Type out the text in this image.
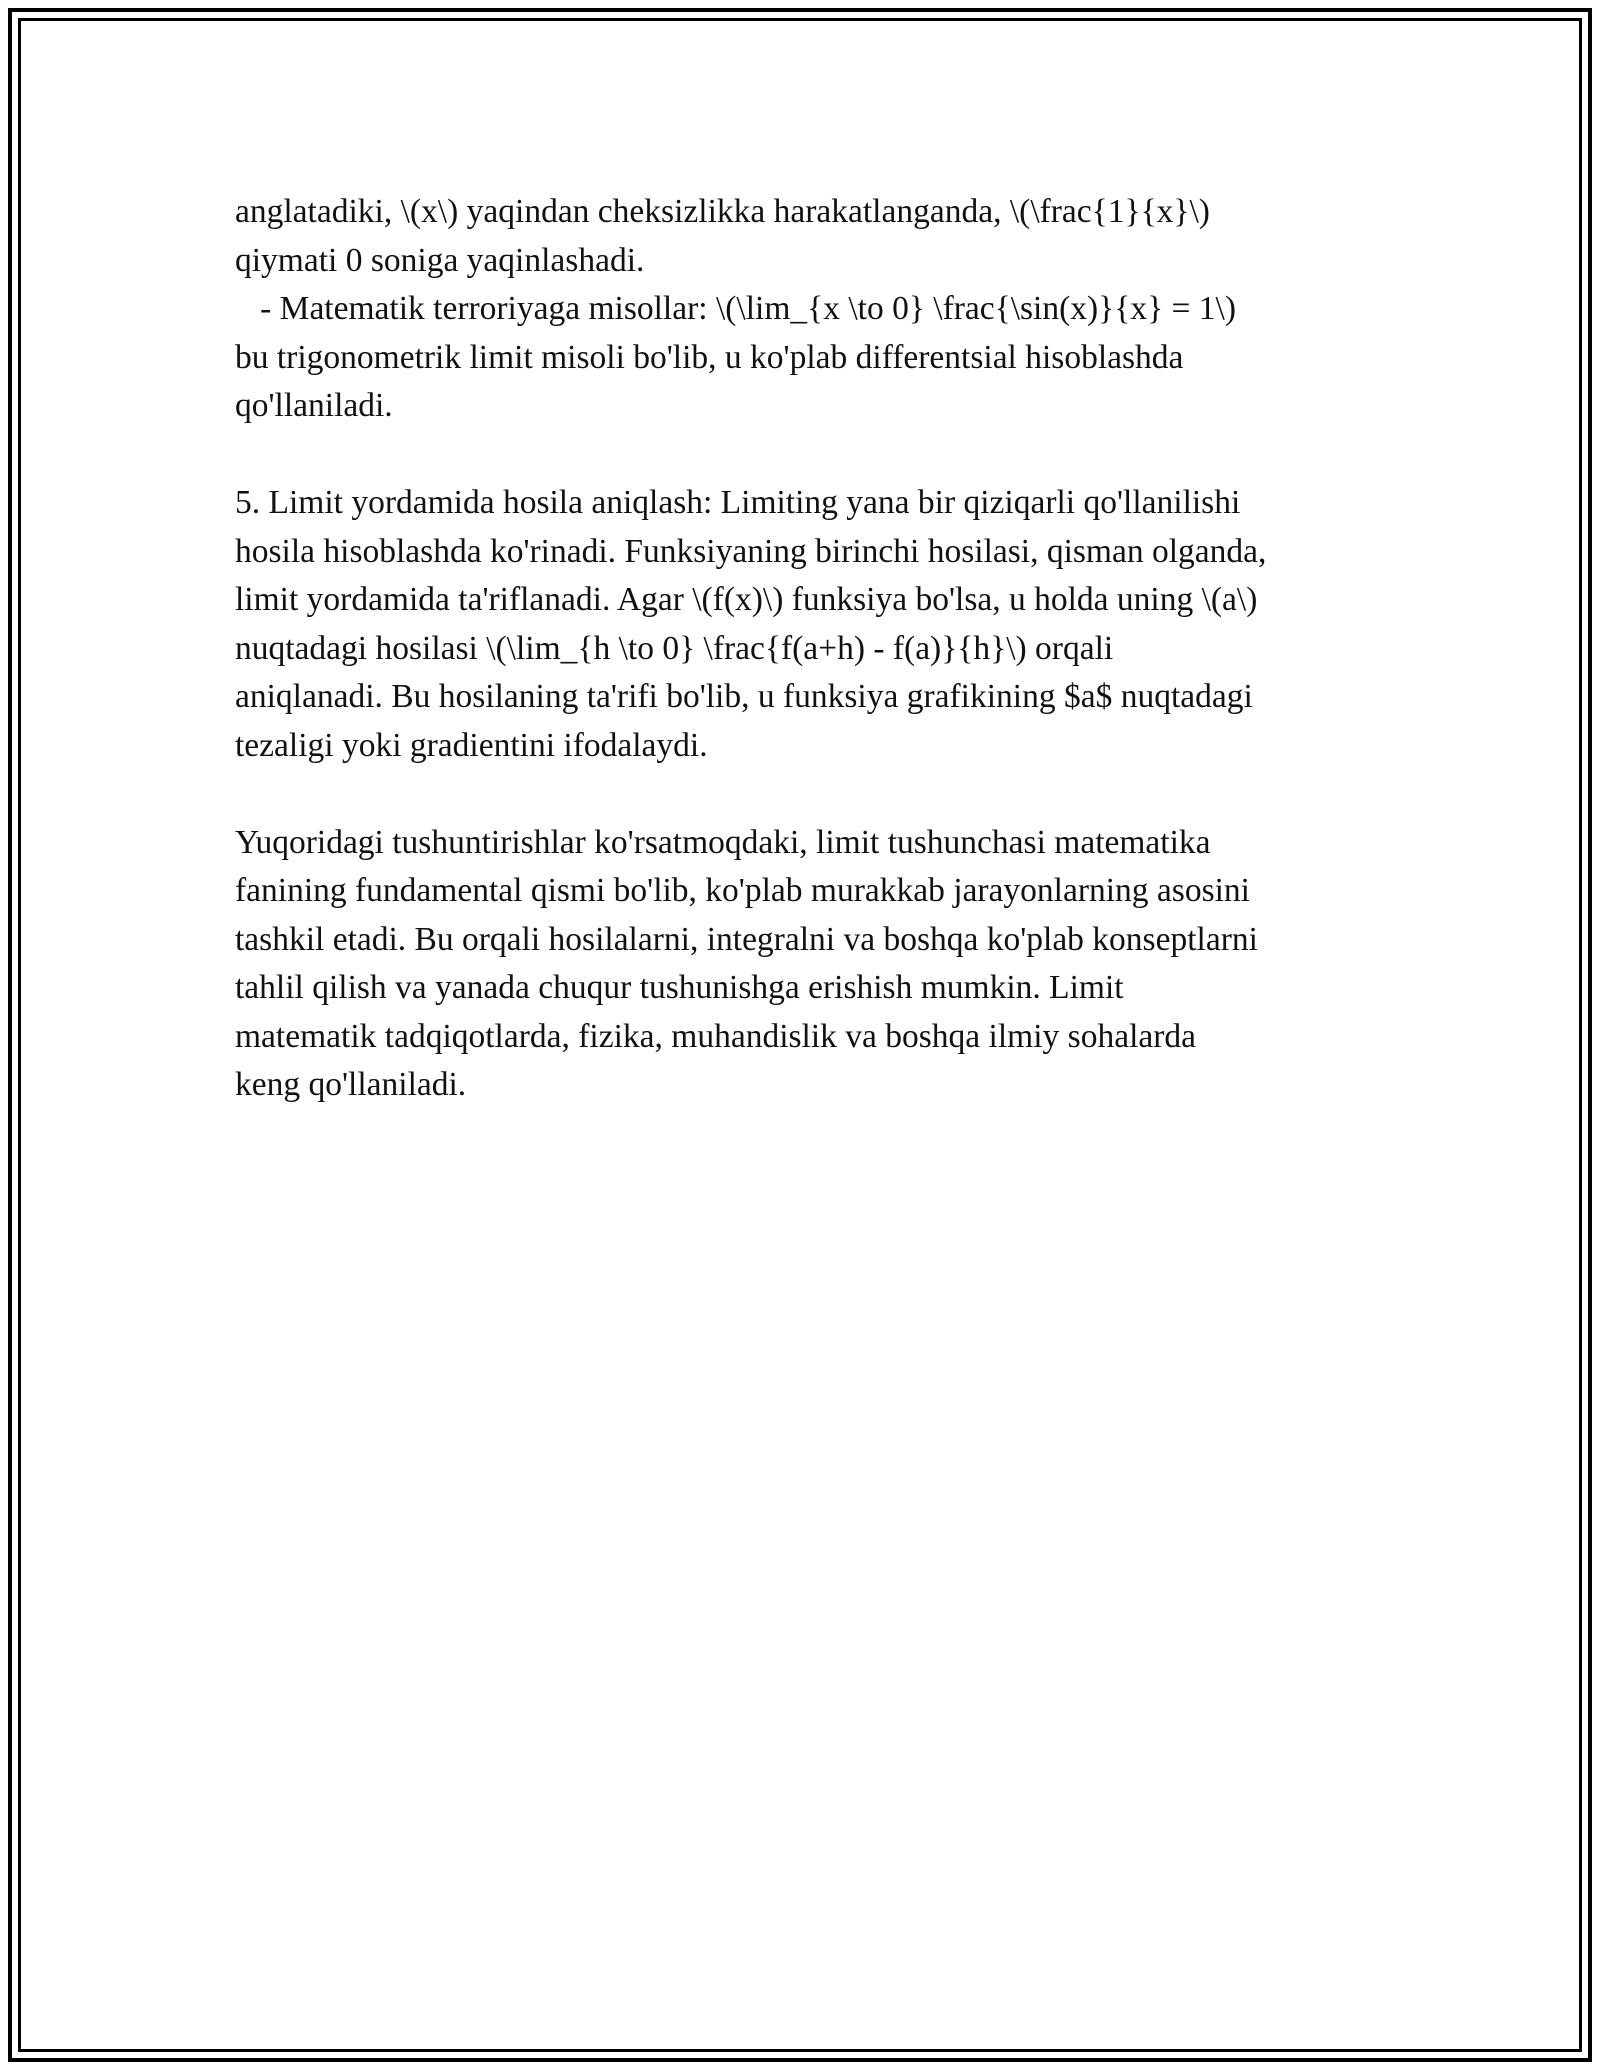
anglatadiki, \(x\) yaqindan cheksizlikka harakatlanganda, \(\frac{1}{x}\)
qiymati 0 soniga yaqinlashadi.
- Matematik terroriyaga misollar: \(\lim_{x \to 0} \frac{\sin(x)}{x} = 1\)
bu trigonometrik limit misoli bo'lib, u ko'plab differentsial hisoblashda
qo'llaniladi.

5. Limit yordamida hosila aniqlash: Limiting yana bir qiziqarli qo'llanilishi
hosila hisoblashda ko'rinadi. Funksiyaning birinchi hosilasi, qisman olganda,
limit yordamida ta'riflanadi. Agar \(f(x)\) funksiya bo'lsa, u holda uning \(a\)
nuqtadagi hosilasi \(\lim_{h \to 0} \frac{f(a+h) - f(a)}{h}\) orqali
aniqlanadi. Bu hosilaning ta'rifi bo'lib, u funksiya grafikining $a$ nuqtadagi
tezaligi yoki gradientini ifodalaydi.

Yuqoridagi tushuntirishlar ko'rsatmoqdaki, limit tushunchasi matematika
fanining fundamental qismi bo'lib, ko'plab murakkab jarayonlarning asosini
tashkil etadi. Bu orqali hosilalarni, integralni va boshqa ko'plab konseptlarni
tahlil qilish va yanada chuqur tushunishga erishish mumkin. Limit
matematik tadqiqotlarda, fizika, muhandislik va boshqa ilmiy sohalarda
keng qo'llaniladi.
